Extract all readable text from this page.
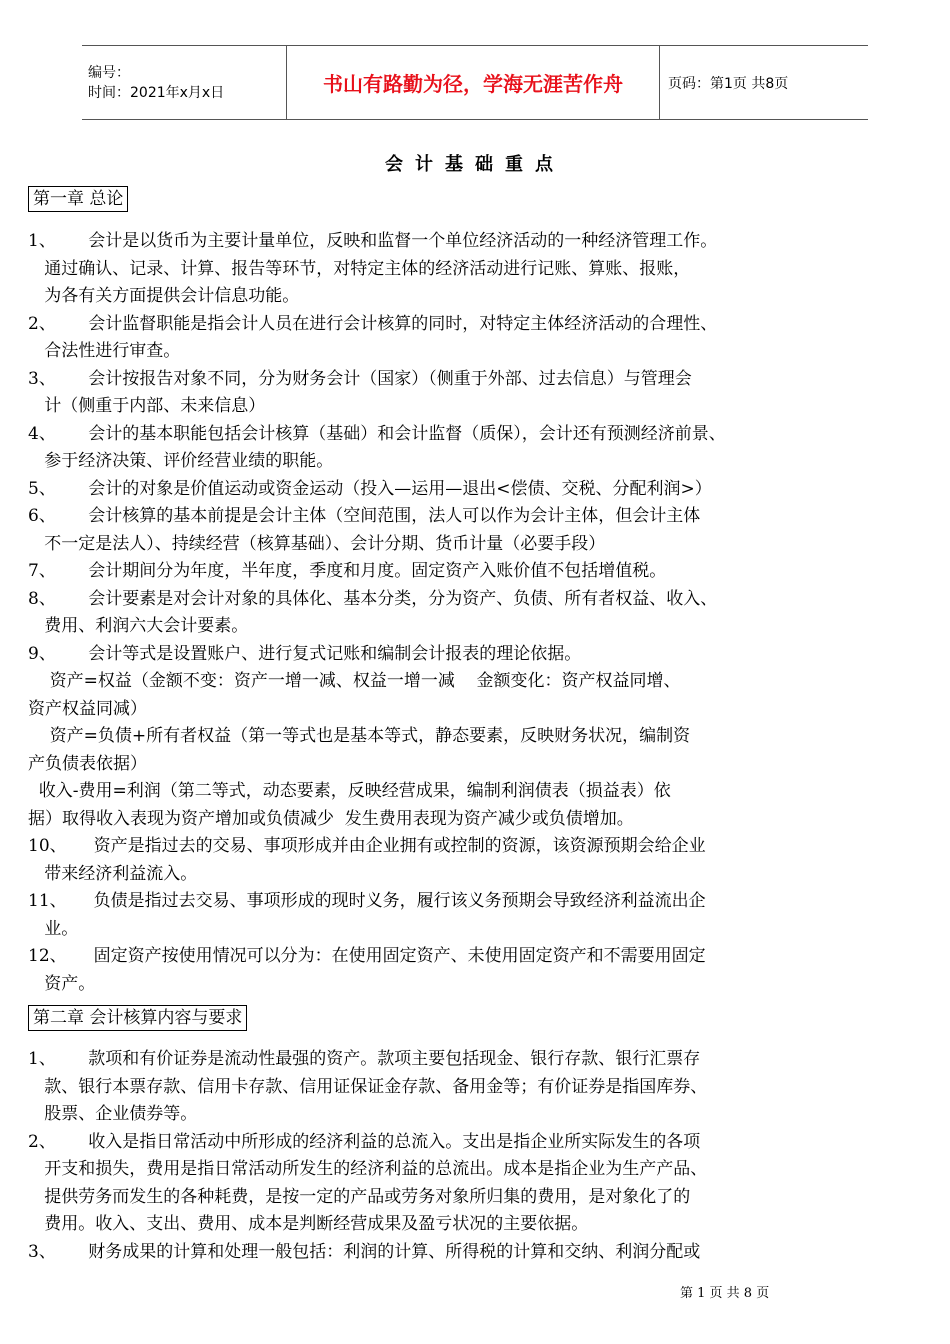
编号：
时间：2021年x月x日	书山有路勤为径，学海无涯苦作舟	页码：第1页 共8页
会计基础重点
第一章 总论
1、      会计是以货币为主要计量单位，反映和监督一个单位经济活动的一种经济管理工作。
通过确认、记录、计算、报告等环节，对特定主体的经济活动进行记账、算账、报账，
为各有关方面提供会计信息功能。
2、      会计监督职能是指会计人员在进行会计核算的同时，对特定主体经济活动的合理性、
合法性进行审查。
3、      会计按报告对象不同，分为财务会计（国家）（侧重于外部、过去信息）与管理会
计（侧重于内部、未来信息）
4、      会计的基本职能包括会计核算（基础）和会计监督（质保），会计还有预测经济前景、
参于经济决策、评价经营业绩的职能。
5、      会计的对象是价值运动或资金运动（投入—运用—退出<偿债、交税、分配利润>）
6、      会计核算的基本前提是会计主体（空间范围，法人可以作为会计主体，但会计主体
不一定是法人）、持续经营（核算基础）、会计分期、货币计量（必要手段）
7、      会计期间分为年度，半年度，季度和月度。固定资产入账价值不包括增值税。
8、      会计要素是对会计对象的具体化、基本分类，分为资产、负债、所有者权益、收入、
费用、利润六大会计要素。
9、      会计等式是设置账户、进行复式记账和编制会计报表的理论依据。
资产=权益（金额不变：资产一增一减、权益一增一减    金额变化：资产权益同增、
资产权益同减）
资产=负债+所有者权益（第一等式也是基本等式，静态要素，反映财务状况，编制资
产负债表依据）
收入-费用=利润（第二等式，动态要素，反映经营成果，编制利润债表（损益表）依
据）取得收入表现为资产增加或负债减少  发生费用表现为资产减少或负债增加。
10、     资产是指过去的交易、事项形成并由企业拥有或控制的资源，该资源预期会给企业
带来经济利益流入。
11、     负债是指过去交易、事项形成的现时义务，履行该义务预期会导致经济利益流出企
业。
12、     固定资产按使用情况可以分为：在使用固定资产、未使用固定资产和不需要用固定
资产。
第二章 会计核算内容与要求
1、      款项和有价证券是流动性最强的资产。款项主要包括现金、银行存款、银行汇票存
款、银行本票存款、信用卡存款、信用证保证金存款、备用金等；有价证券是指国库券、
股票、企业债券等。
2、      收入是指日常活动中所形成的经济利益的总流入。支出是指企业所实际发生的各项
开支和损失，费用是指日常活动所发生的经济利益的总流出。成本是指企业为生产产品、
提供劳务而发生的各种耗费，是按一定的产品或劳务对象所归集的费用，是对象化了的
费用。收入、支出、费用、成本是判断经营成果及盈亏状况的主要依据。
3、      财务成果的计算和处理一般包括：利润的计算、所得税的计算和交纳、利润分配或
第 1 页 共 8 页
